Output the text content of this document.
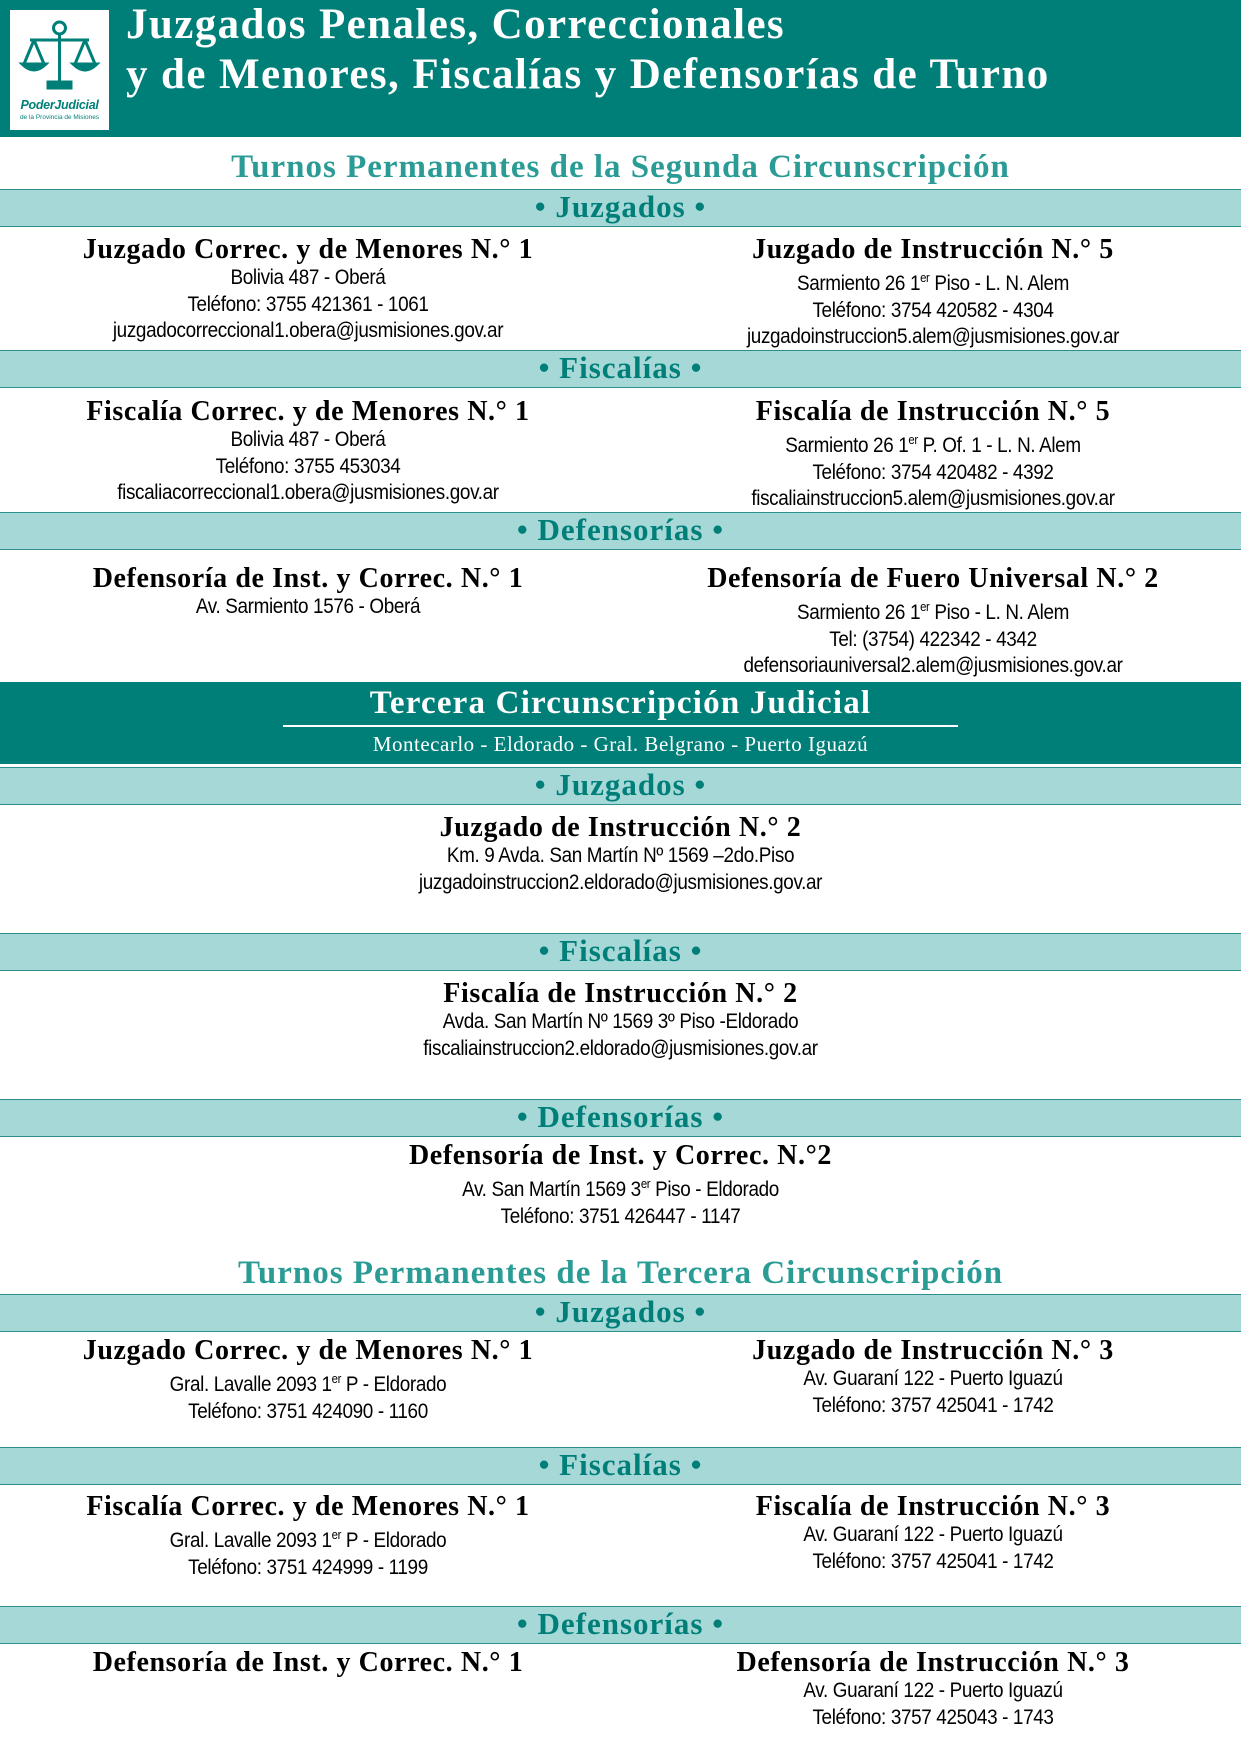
PoderJudicial
de la Provincia de Misiones
Juzgados Penales, Correccionales
y de Menores, Fiscalías y Defensorías de Turno
Turnos Permanentes de la Segunda Circunscripción
• Juzgados •
Juzgado Correc. y de Menores N.° 1
Bolivia 487 - Oberá
Teléfono: 3755 421361 - 1061
juzgadocorreccional1.obera@jusmisiones.gov.ar
Juzgado de Instrucción N.° 5
Sarmiento 26 1er Piso - L. N. Alem
Teléfono: 3754 420582 - 4304
juzgadoinstruccion5.alem@jusmisiones.gov.ar
• Fiscalías •
Fiscalía Correc. y de Menores N.° 1
Bolivia 487 - Oberá
Teléfono: 3755 453034
fiscaliacorreccional1.obera@jusmisiones.gov.ar
Fiscalía de Instrucción N.° 5
Sarmiento 26 1er P. Of. 1 - L. N. Alem
Teléfono: 3754 420482 - 4392
fiscaliainstruccion5.alem@jusmisiones.gov.ar
• Defensorías •
Defensoría de Inst. y Correc. N.° 1
Av. Sarmiento 1576 - Oberá
Defensoría de Fuero Universal N.° 2
Sarmiento 26 1er Piso - L. N. Alem
Tel: (3754) 422342 - 4342
defensoriauniversal2.alem@jusmisiones.gov.ar
Tercera Circunscripción Judicial
Montecarlo - Eldorado - Gral. Belgrano - Puerto Iguazú
• Juzgados •
Juzgado de Instrucción N.° 2
Km. 9 Avda. San Martín Nº 1569 –2do.Piso
juzgadoinstruccion2.eldorado@jusmisiones.gov.ar
• Fiscalías •
Fiscalía de Instrucción N.° 2
Avda. San Martín Nº 1569 3º Piso -Eldorado
fiscaliainstruccion2.eldorado@jusmisiones.gov.ar
• Defensorías •
Defensoría de Inst. y Correc. N.°2
Av. San Martín 1569 3er Piso - Eldorado
Teléfono: 3751 426447 - 1147
Turnos Permanentes de la Tercera Circunscripción
• Juzgados •
Juzgado Correc. y de Menores N.° 1
Gral. Lavalle 2093 1er P - Eldorado
Teléfono: 3751 424090 - 1160
Juzgado de Instrucción N.° 3
Av. Guaraní 122 - Puerto Iguazú
Teléfono: 3757 425041 - 1742
• Fiscalías •
Fiscalía Correc. y de Menores N.° 1
Gral. Lavalle 2093 1er P - Eldorado
Teléfono: 3751 424999 - 1199
Fiscalía de Instrucción N.° 3
Av. Guaraní 122 - Puerto Iguazú
Teléfono: 3757 425041 - 1742
• Defensorías •
Defensoría de Inst. y Correc. N.° 1	Defensoría de Instrucción N.° 3
Av. Guaraní 122 - Puerto Iguazú
Teléfono: 3757 425043 - 1743
